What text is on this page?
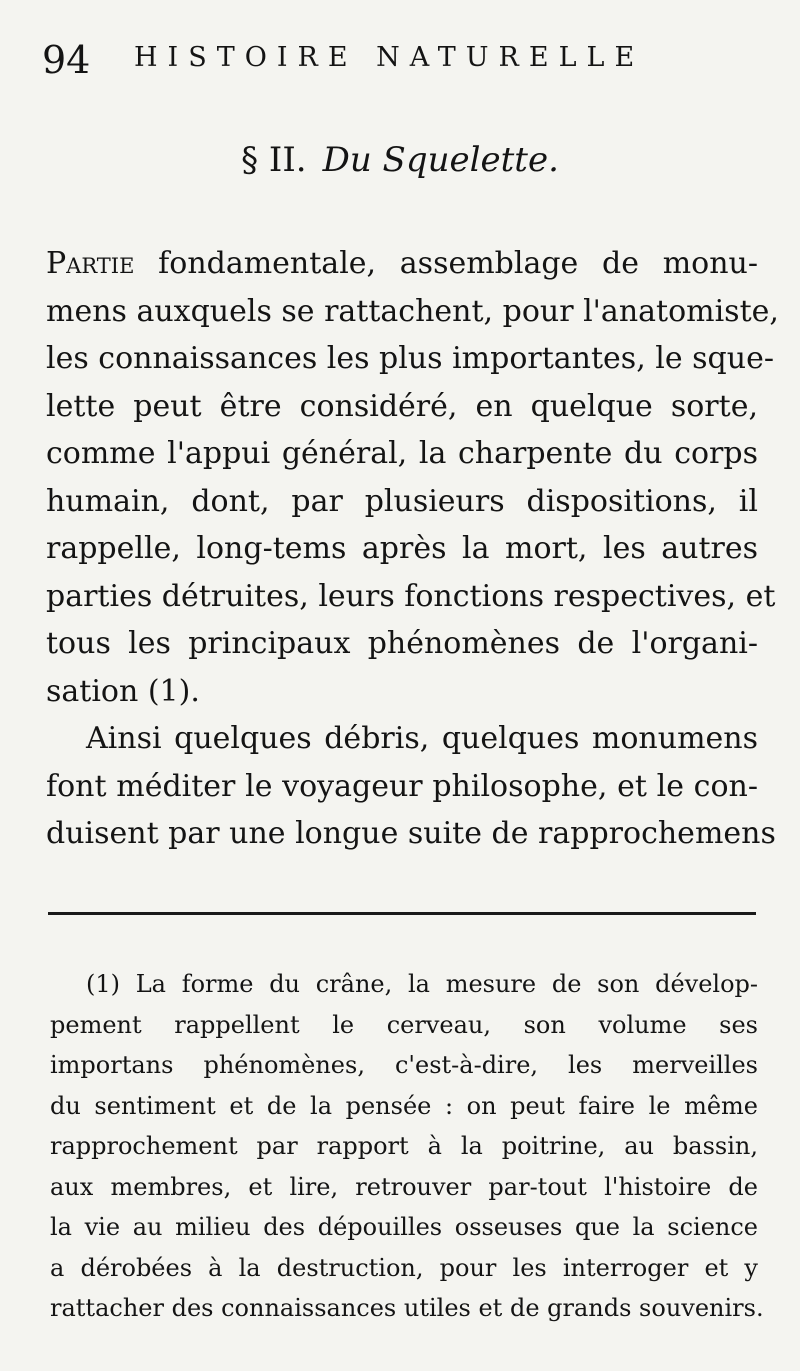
94 HISTOIRE NATURELLE
§ II. Du Squelette.
Partie fondamentale, assemblage de monu-
mens auxquels se rattachent, pour l'anatomiste,
les connaissances les plus importantes, le sque-
lette peut être considéré, en quelque sorte,
comme l'appui général, la charpente du corps
humain, dont, par plusieurs dispositions, il
rappelle, long-tems après la mort, les autres
parties détruites, leurs fonctions respectives, et
tous les principaux phénomènes de l'organi-
sation (1).
Ainsi quelques débris, quelques monumens
font méditer le voyageur philosophe, et le con-
duisent par une longue suite de rapprochemens
(1) La forme du crâne, la mesure de son dévelop-
pement rappellent le cerveau, son volume ses
importans phénomènes, c'est-à-dire, les merveilles
du sentiment et de la pensée : on peut faire le même
rapprochement par rapport à la poitrine, au bassin,
aux membres, et lire, retrouver par-tout l'histoire de
la vie au milieu des dépouilles osseuses que la science
a dérobées à la destruction, pour les interroger et y
rattacher des connaissances utiles et de grands souvenirs.
